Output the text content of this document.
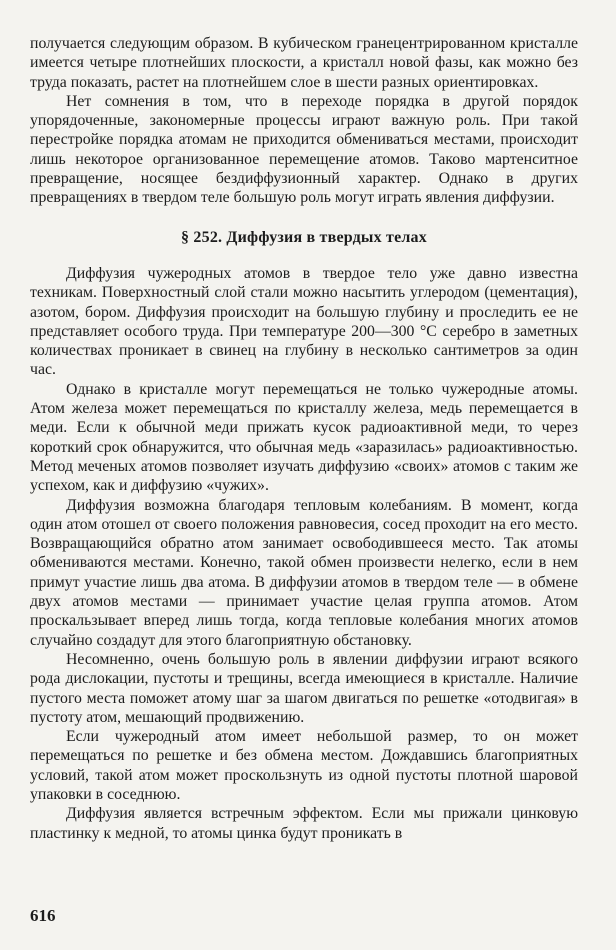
получается следующим образом. В кубическом гранецентрированном кристалле имеется четыре плотнейших плоскости, а кристалл новой фазы, как можно без труда показать, растет на плотнейшем слое в шести разных ориентировках.

Нет сомнения в том, что в переходе порядка в другой порядок упорядоченные, закономерные процессы играют важную роль. При такой перестройке порядка атомам не приходится обмениваться местами, происходит лишь некоторое организованное перемещение атомов. Таково мартенситное превращение, носящее бездиффузионный характер. Однако в других превращениях в твердом теле большую роль могут играть явления диффузии.

§ 252. Диффузия в твердых телах

Диффузия чужеродных атомов в твердое тело уже давно известна техникам. Поверхностный слой стали можно насытить углеродом (цементация), азотом, бором. Диффузия происходит на большую глубину и проследить ее не представляет особого труда. При температуре 200—300 °С серебро в заметных количествах проникает в свинец на глубину в несколько сантиметров за один час.

Однако в кристалле могут перемещаться не только чужеродные атомы. Атом железа может перемещаться по кристаллу железа, медь перемещается в меди. Если к обычной меди прижать кусок радиоактивной меди, то через короткий срок обнаружится, что обычная медь «заразилась» радиоактивностью. Метод меченых атомов позволяет изучать диффузию «своих» атомов с таким же успехом, как и диффузию «чужих».

Диффузия возможна благодаря тепловым колебаниям. В момент, когда один атом отошел от своего положения равновесия, сосед проходит на его место. Возвращающийся обратно атом занимает освободившееся место. Так атомы обмениваются местами. Конечно, такой обмен произвести нелегко, если в нем примут участие лишь два атома. В диффузии атомов в твердом теле — в обмене двух атомов местами — принимает участие целая группа атомов. Атом проскальзывает вперед лишь тогда, когда тепловые колебания многих атомов случайно создадут для этого благоприятную обстановку.

Несомненно, очень большую роль в явлении диффузии играют всякого рода дислокации, пустоты и трещины, всегда имеющиеся в кристалле. Наличие пустого места поможет атому шаг за шагом двигаться по решетке «отодвигая» в пустоту атом, мешающий продвижению.

Если чужеродный атом имеет небольшой размер, то он может перемещаться по решетке и без обмена местом. Дождавшись благоприятных условий, такой атом может проскользнуть из одной пустоты плотной шаровой упаковки в соседнюю.

Диффузия является встречным эффектом. Если мы прижали цинковую пластинку к медной, то атомы цинка будут проникать в

616
